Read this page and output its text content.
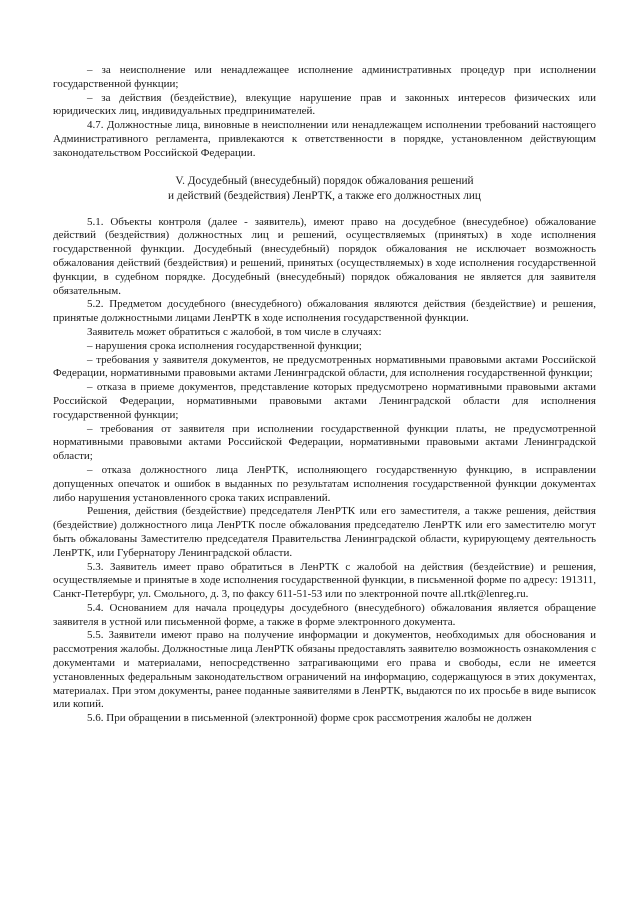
– за неисполнение или ненадлежащее исполнение административных процедур при исполнении государственной функции;

– за действия (бездействие), влекущие нарушение прав и законных интересов физических или юридических лиц, индивидуальных предпринимателей.

4.7. Должностные лица, виновные в неисполнении или ненадлежащем исполнении требований настоящего Административного регламента, привлекаются к ответственности в порядке, установленном действующим законодательством Российской Федерации.

V. Досудебный (внесудебный) порядок обжалования решений

и действий (бездействия) ЛенРТК, а также его должностных лиц

5.1. Объекты контроля (далее - заявитель), имеют право на досудебное (внесудебное) обжалование действий (бездействия) должностных лиц и решений, осуществляемых (принятых) в ходе исполнения государственной функции. Досудебный (внесудебный) порядок обжалования не исключает возможность обжалования действий (бездействия) и решений, принятых (осуществляемых) в ходе исполнения государственной функции, в судебном порядке. Досудебный (внесудебный) порядок обжалования не является для заявителя обязательным.

5.2. Предметом досудебного (внесудебного) обжалования являются действия (бездействие) и решения, принятые должностными лицами ЛенРТК в ходе исполнения государственной функции.

Заявитель может обратиться с жалобой, в том числе в случаях:

– нарушения срока исполнения государственной функции;

– требования у заявителя документов, не предусмотренных нормативными правовыми актами Российской Федерации, нормативными правовыми актами Ленинградской области, для исполнения государственной функции;

– отказа в приеме документов, представление которых предусмотрено нормативными правовыми актами Российской Федерации, нормативными правовыми актами Ленинградской области для исполнения государственной функции;

– требования от заявителя при исполнении государственной функции платы, не предусмотренной нормативными правовыми актами Российской Федерации, нормативными правовыми актами Ленинградской области;

– отказа должностного лица ЛенРТК, исполняющего государственную функцию, в исправлении допущенных опечаток и ошибок в выданных по результатам исполнения государственной функции документах либо нарушения установленного срока таких исправлений.

Решения, действия (бездействие) председателя ЛенРТК или его заместителя, а также решения, действия (бездействие) должностного лица ЛенРТК после обжалования председателю ЛенРТК или его заместителю могут быть обжалованы Заместителю председателя Правительства Ленинградской области, курирующему деятельность ЛенРТК, или Губернатору Ленинградской области.

5.3. Заявитель имеет право обратиться в ЛенРТК с жалобой на действия (бездействие) и решения, осуществляемые и принятые в ходе исполнения государственной функции, в письменной форме по адресу: 191311, Санкт-Петербург, ул. Смольного, д. 3, по факсу 611-51-53 или по электронной почте all.rtk@lenreg.ru.

5.4. Основанием для начала процедуры досудебного (внесудебного) обжалования является обращение заявителя в устной или письменной форме, а также в форме электронного документа.

5.5. Заявители имеют право на получение информации и документов, необходимых для обоснования и рассмотрения жалобы. Должностные лица ЛенРТК обязаны предоставлять заявителю возможность ознакомления с документами и материалами, непосредственно затрагивающими его права и свободы, если не имеется установленных федеральным законодательством ограничений на информацию, содержащуюся в этих документах, материалах. При этом документы, ранее поданные заявителями в ЛенРТК, выдаются по их просьбе в виде выписок или копий.

5.6. При обращении в письменной (электронной) форме срок рассмотрения жалобы не должен
